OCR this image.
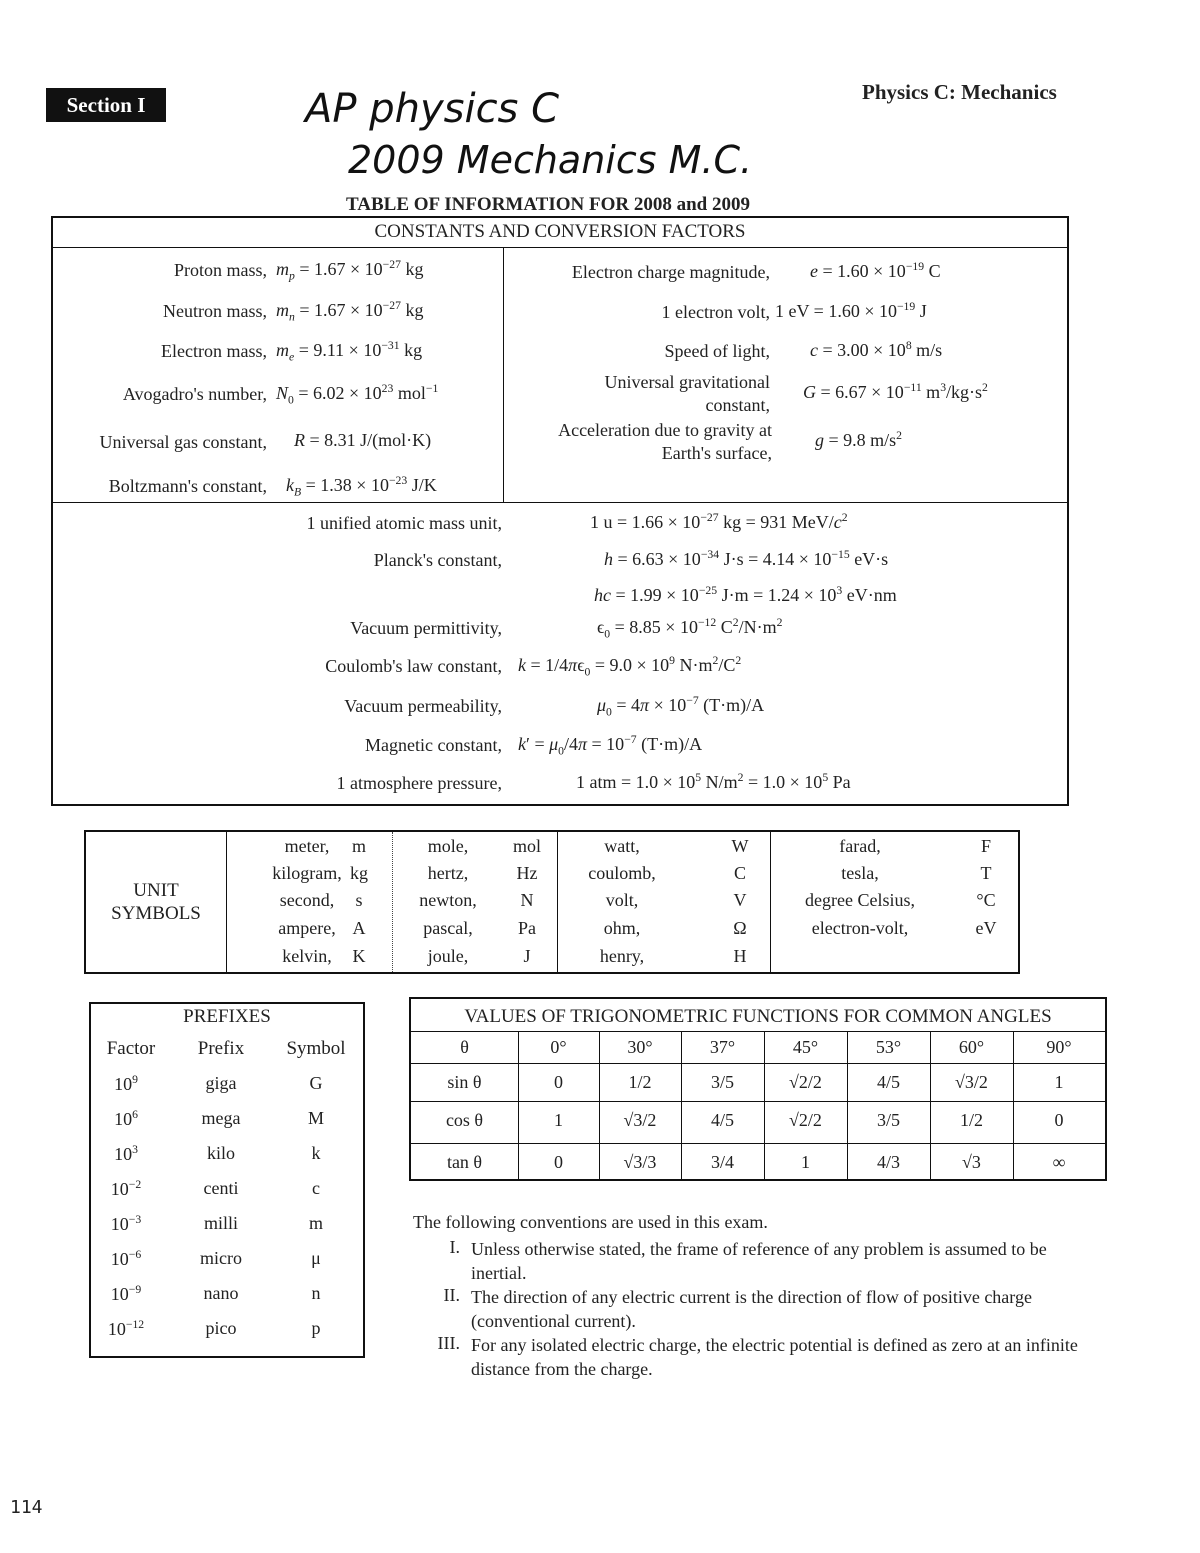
Section I
Physics C: Mechanics
AP physics C
2009 Mechanics M.C.
TABLE OF INFORMATION FOR 2008 and 2009
CONSTANTS AND CONVERSION FACTORS
Proton mass, $m_p = 1.67 \times 10^{-27}$ kg
Neutron mass, $m_n = 1.67 \times 10^{-27}$ kg
Electron mass, $m_e = 9.11 \times 10^{-31}$ kg
Avogadro's number, $N_0 = 6.02 \times 10^{23}$ mol$^{-1}$
Universal gas constant, R = 8.31 J/(mol·K)
Boltzmann's constant, $k_B = 1.38 \times 10^{-23}$ J/K
Electron charge magnitude, $e = 1.60 \times 10^{-19}$ C
1 electron volt, 1 eV = $1.60 \times 10^{-19}$ J
Speed of light, $c = 3.00 \times 10^8$ m/s
Universal gravitational constant,
$G = 6.67 \times 10^{-11}$ $m^3/kg\cdot s^2$
Acceleration due to gravity at Earth's surface,
g = 9.8 $m/s^2$
1 unified atomic mass unit,	1 $u = 1.66 \times 10^{-27}$ kg = 931 MeV/$c^2$
Planck's constant,	$h = 6.63 \times 10^{-34}$ $J\cdot s = 4.14 \times 10^{-15}$ eV·s
hc = $1.99 \times 10^{-25}$ $J\cdot m = 1.24 \times 10^3$ eV·nm
Vacuum permittivity,	$\epsilon_0 = 8.85 \times 10^{-12}$ $C^2/N\cdot m^2$
Coulomb's law constant, $k = 1/4\pi\epsilon_0 = 9.0 \times 10^9$ $N\cdot m^2/C^2$
Vacuum permeability,	$\mu_0 = 4\pi \times 10^{-7}$ (T·m)/A
Magnetic constant, $k' = \mu_0/4\pi = 10^{-7}$ (T·m)/A
1 atmosphere pressure,	1 atm = $1.0 \times 10^5$ $N/m^2 = 1.0 \times 10^5$ Pa
UNIT
SYMBOLS
meter,	m
kilogram, kg
second,	s
ampere, A
kelvin,	K
mole,	mol
hertz,	Hz
newton,	N
pascal,	Pa
joule,	J
watt,	W
coulomb,	C
volt,	V
ohm,	Ω
henry,	H
farad,	F
tesla,	T
degree Celsius,	°C
electron-volt,	eV
PREFIXES
Factor	Prefix	Symbol
$10^9$	giga	G
$10^6$	mega	M
$10^3$	kilo	k
$10^{-2}$	centi	c
$10^{-3}$	milli	m
$10^{-6}$	micro	μ
$10^{-9}$	nano	n
$10^{-12}$	pico	p
VALUES OF TRIGONOMETRIC FUNCTIONS FOR COMMON ANGLES
θ	0°	30°	37°	45°	53°	60°	90°
sin θ	0	1/2	3/5	√2/2	4/5	√3/2	1
cos θ	1	√3/2	4/5	√2/2	3/5	1/2	0
tan θ	0	√3/3	3/4	1	4/3	√3	∞
The following conventions are used in this exam.
I. Unless otherwise stated, the frame of reference of any problem is assumed to be inertial.
II. The direction of any electric current is the direction of flow of positive charge (conventional current).
III. For any isolated electric charge, the electric potential is defined as zero at an infinite distance from the charge.
114
